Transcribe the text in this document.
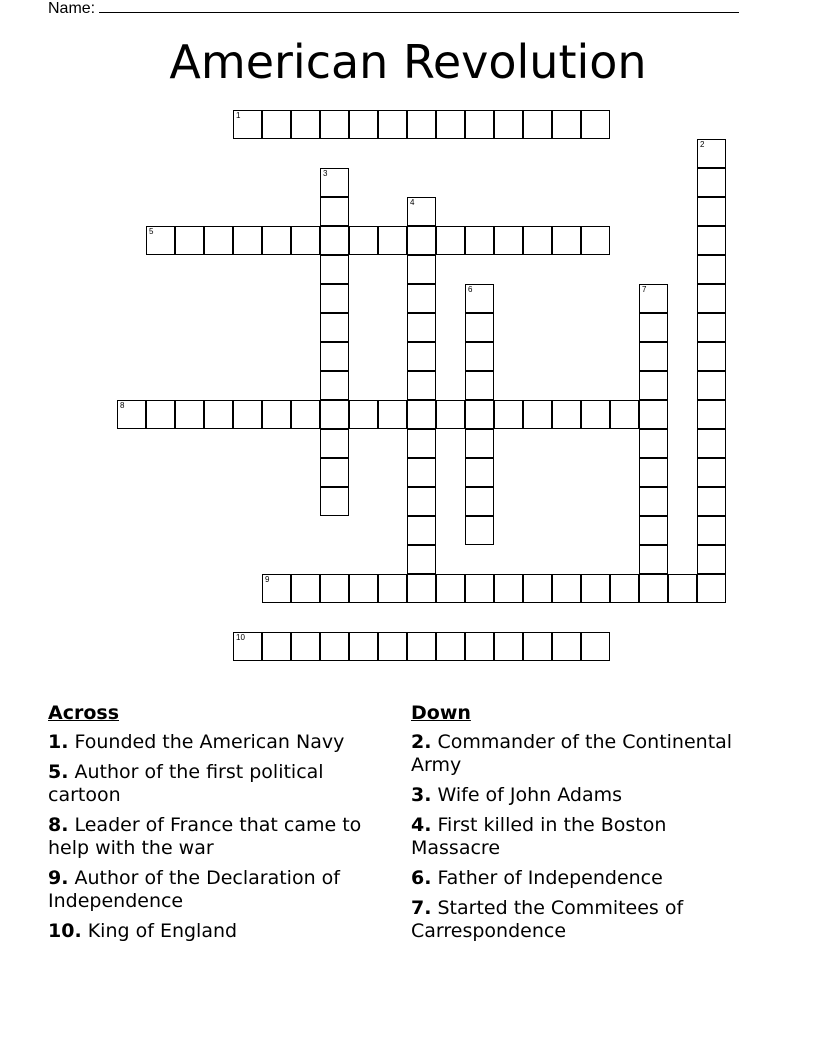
Name:
American Revolution
1
2
3
4
5
6	7
8
9
10
Across
1. Founded the American Navy
5. Author of the first political cartoon
8. Leader of France that came to help with the war
9. Author of the Declaration of Independence
10. King of England
Down
2. Commander of the Continental Army
3. Wife of John Adams
4. First killed in the Boston Massacre
6. Father of Independence
7. Started the Commitees of Carrespondence
